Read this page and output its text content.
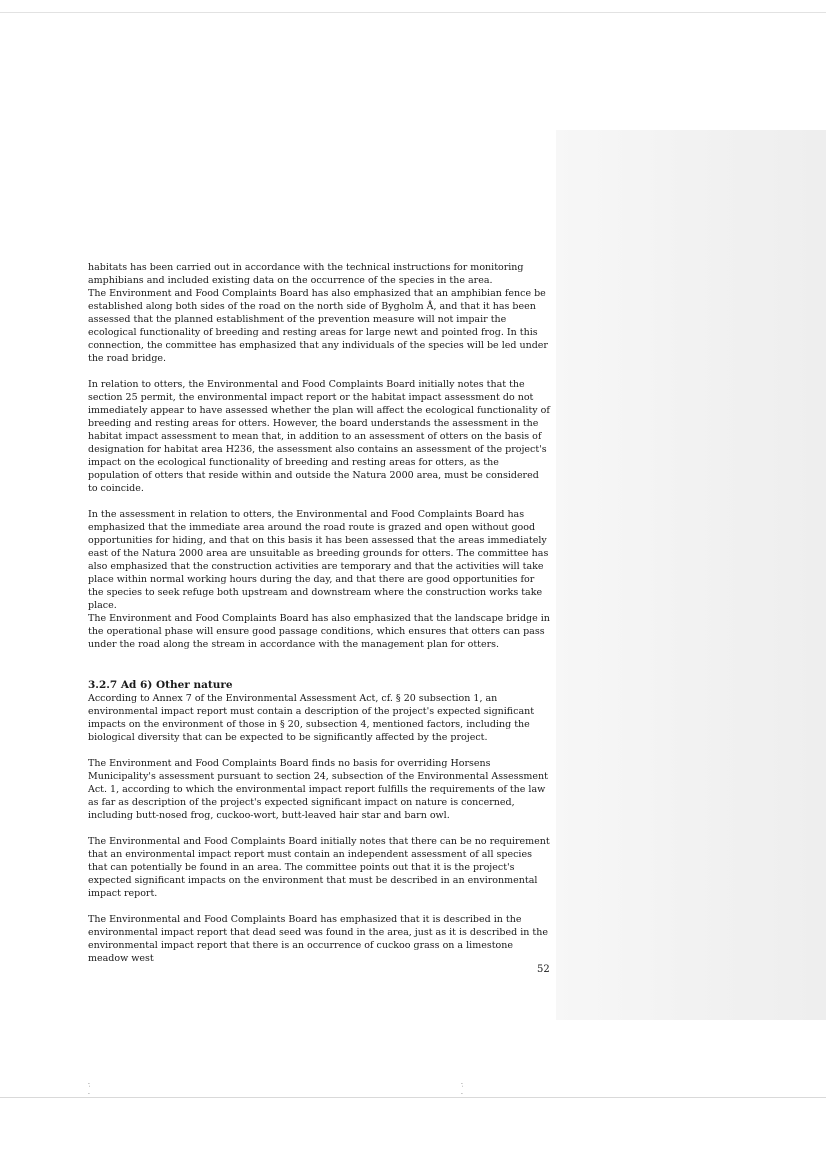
habitats has been carried out in accordance with the technical instructions for monitoring amphibians and included existing data on the occurrence of the species in the area.

The Environment and Food Complaints Board has also emphasized that an amphibian fence be established along both sides of the road on the north side of Bygholm Å, and that it has been assessed that the planned establishment of the prevention measure will not impair the ecological functionality of breeding and resting areas for large newt and pointed frog. In this connection, the committee has emphasized that any individuals of the species will be led under the road bridge.

In relation to otters, the Environmental and Food Complaints Board initially notes that the section 25 permit, the environmental impact report or the habitat impact assessment do not immediately appear to have assessed whether the plan will affect the ecological functionality of breeding and resting areas for otters. However, the board understands the assessment in the habitat impact assessment to mean that, in addition to an assessment of otters on the basis of designation for habitat area H236, the assessment also contains an assessment of the project's impact on the ecological functionality of breeding and resting areas for otters, as the population of otters that reside within and outside the Natura 2000 area, must be considered to coincide.

In the assessment in relation to otters, the Environmental and Food Complaints Board has emphasized that the immediate area around the road route is grazed and open without good opportunities for hiding, and that on this basis it has been assessed that the areas immediately east of the Natura 2000 area are unsuitable as breeding grounds for otters. The committee has also emphasized that the construction activities are temporary and that the activities will take place within normal working hours during the day, and that there are good opportunities for the species to seek refuge both upstream and downstream where the construction works take place.

The Environment and Food Complaints Board has also emphasized that the landscape bridge in the operational phase will ensure good passage conditions, which ensures that otters can pass under the road along the stream in accordance with the management plan for otters.

3.2.7 Ad 6) Other nature

According to Annex 7 of the Environmental Assessment Act, cf. § 20 subsection 1, an environmental impact report must contain a description of the project's expected significant impacts on the environment of those in § 20, subsection 4, mentioned factors, including the biological diversity that can be expected to be significantly affected by the project.

The Environment and Food Complaints Board finds no basis for overriding Horsens Municipality's assessment pursuant to section 24, subsection of the Environmental Assessment Act. 1, according to which the environmental impact report fulfills the requirements of the law as far as description of the project's expected significant impact on nature is concerned, including butt-nosed frog, cuckoo-wort, butt-leaved hair star and barn owl.

The Environmental and Food Complaints Board initially notes that there can be no requirement that an environmental impact report must contain an independent assessment of all species that can potentially be found in an area. The committee points out that it is the project's expected significant impacts on the environment that must be described in an environmental impact report.

The Environmental and Food Complaints Board has emphasized that it is described in the environmental impact report that dead seed was found in the area, just as it is described in the environmental impact report that there is an occurrence of cuckoo grass on a limestone meadow west

52
·
˙
·
·
˙
·
